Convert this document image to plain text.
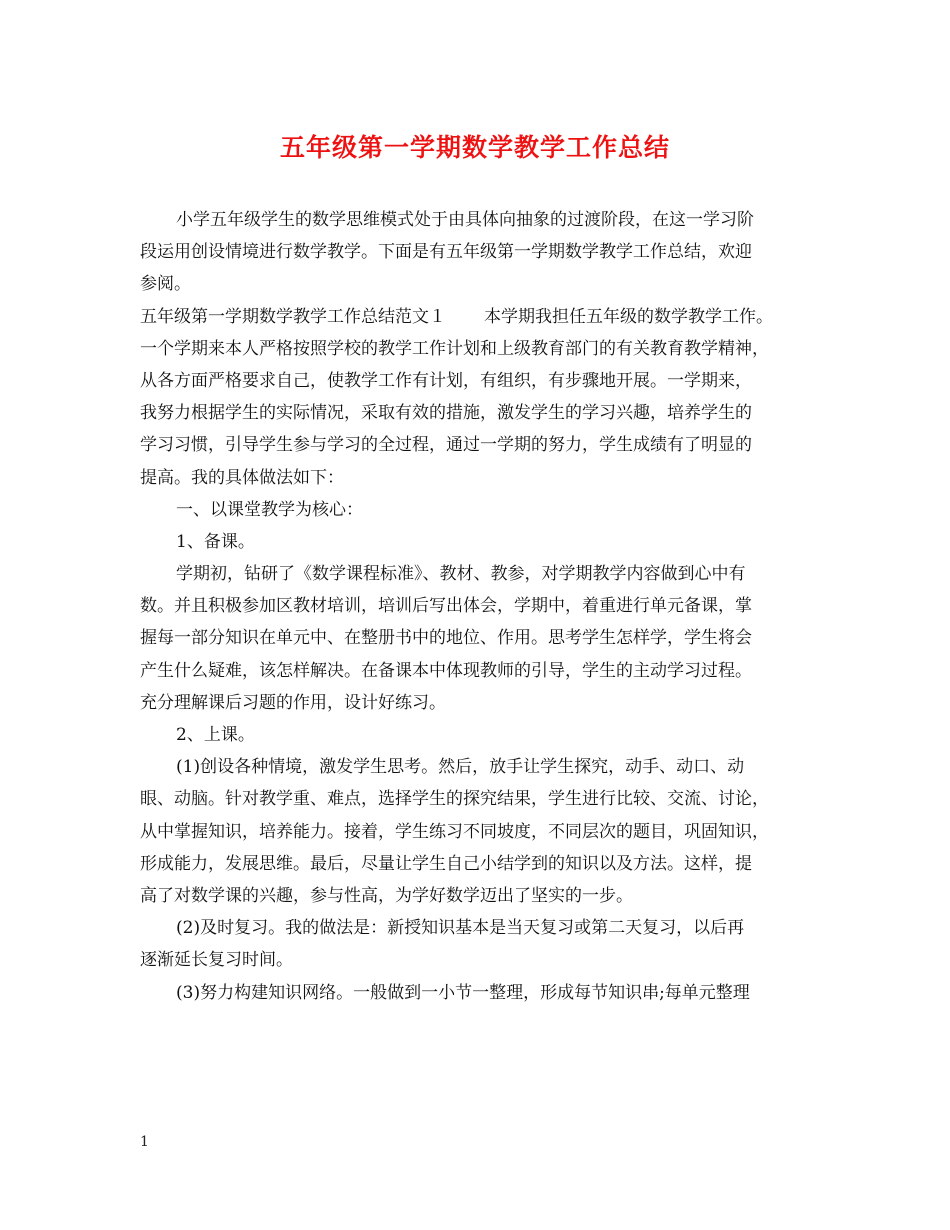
五年级第一学期数学教学工作总结
小学五年级学生的数学思维模式处于由具体向抽象的过渡阶段，在这一学习阶
段运用创设情境进行数学教学。下面是有五年级第一学期数学教学工作总结，欢迎
参阅。
五年级第一学期数学教学工作总结范文１ 本学期我担任五年级的数学教学工作。
一个学期来本人严格按照学校的教学工作计划和上级教育部门的有关教育教学精神，
从各方面严格要求自己，使教学工作有计划，有组织，有步骤地开展。一学期来，
我努力根据学生的实际情况，采取有效的措施，激发学生的学习兴趣，培养学生的
学习习惯，引导学生参与学习的全过程，通过一学期的努力，学生成绩有了明显的
提高。我的具体做法如下：
一、以课堂教学为核心：
1、备课。
学期初，钻研了《数学课程标准》、教材、教参，对学期教学内容做到心中有
数。并且积极参加区教材培训，培训后写出体会，学期中，着重进行单元备课，掌
握每一部分知识在单元中、在整册书中的地位、作用。思考学生怎样学，学生将会
产生什么疑难，该怎样解决。在备课本中体现教师的引导，学生的主动学习过程。
充分理解课后习题的作用，设计好练习。
2、上课。
(1)创设各种情境，激发学生思考。然后，放手让学生探究，动手、动口、动
眼、动脑。针对教学重、难点，选择学生的探究结果，学生进行比较、交流、讨论，
从中掌握知识，培养能力。接着，学生练习不同坡度，不同层次的题目，巩固知识，
形成能力，发展思维。最后，尽量让学生自己小结学到的知识以及方法。这样，提
高了对数学课的兴趣，参与性高，为学好数学迈出了坚实的一步。
(2)及时复习。我的做法是：新授知识基本是当天复习或第二天复习，以后再
逐渐延长复习时间。
(3)努力构建知识网络。一般做到一小节一整理，形成每节知识串;每单元整理
1
